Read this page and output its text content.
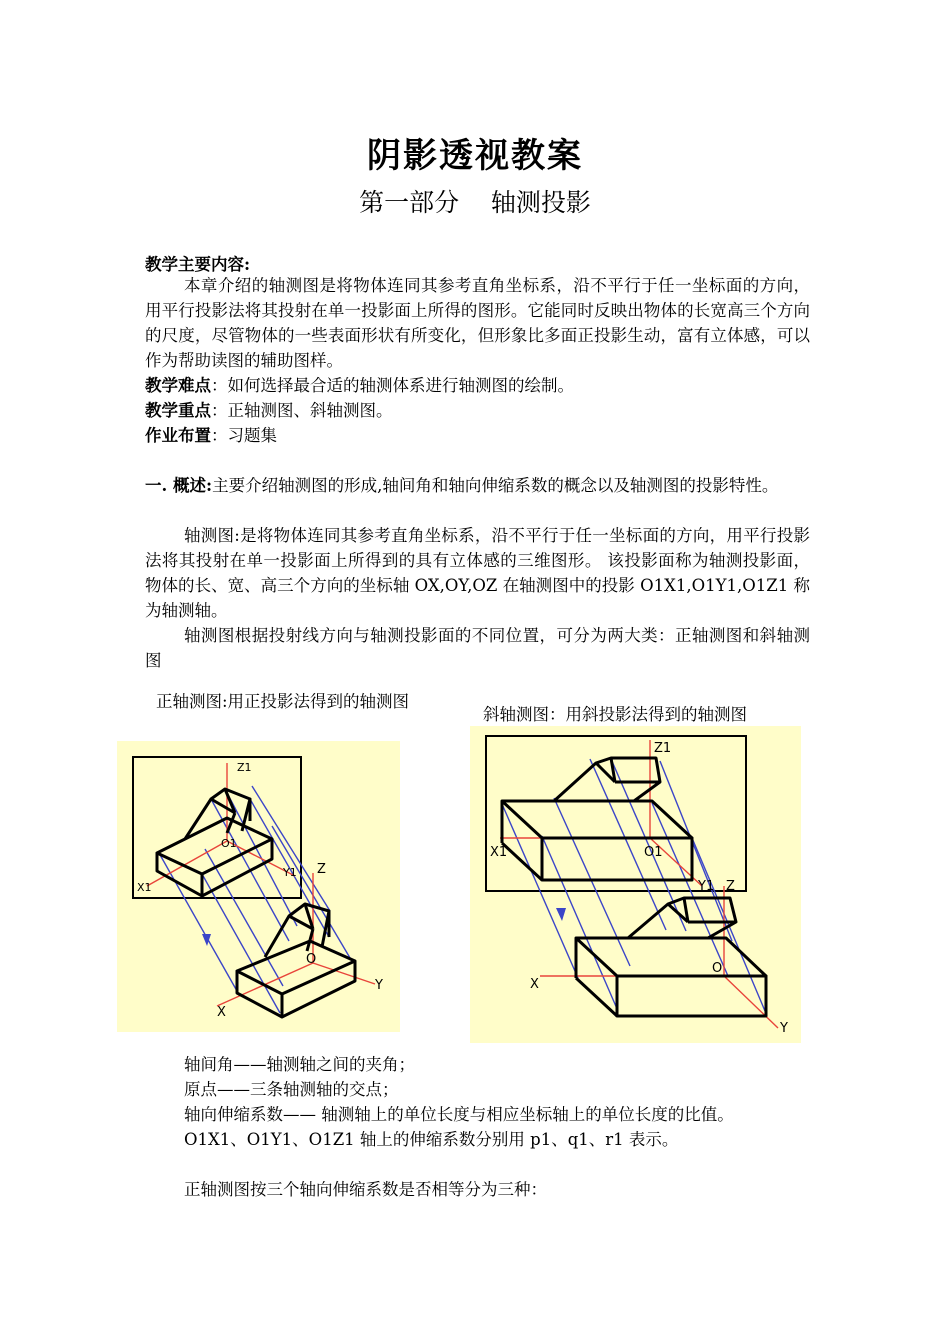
阴影透视教案
第一部分    轴测投影
教学主要内容:
本章介绍的轴测图是将物体连同其参考直角坐标系，沿不平行于任一坐标面的方向，用平行投影法将其投射在单一投影面上所得的图形。它能同时反映出物体的长宽高三个方向的尺度，尽管物体的一些表面形状有所变化，但形象比多面正投影生动，富有立体感，可以作为帮助读图的辅助图样。
教学难点：如何选择最合适的轴测体系进行轴测图的绘制。
教学重点：正轴测图、斜轴测图。
作业布置：习题集
一. 概述:主要介绍轴测图的形成,轴间角和轴向伸缩系数的概念以及轴测图的投影特性。
轴测图:是将物体连同其参考直角坐标系，沿不平行于任一坐标面的方向，用平行投影法将其投射在单一投影面上所得到的具有立体感的三维图形。 该投影面称为轴测投影面，物体的长、宽、高三个方向的坐标轴 OX,OY,OZ 在轴测图中的投影 O1X1,O1Y1,O1Z1 称为轴测轴。
轴测图根据投射线方向与轴测投影面的不同位置，可分为两大类：正轴测图和斜轴测图
正轴测图:用正投影法得到的轴测图
斜轴测图：用斜投影法得到的轴测图
Z1
O1
X1
Y1 Z
O
X
Y
Z1
O1
X1
Y1 Z
O
X
Y
轴间角——轴测轴之间的夹角；
原点——三条轴测轴的交点；
轴向伸缩系数—— 轴测轴上的单位长度与相应坐标轴上的单位长度的比值。
O1X1、O1Y1、O1Z1 轴上的伸缩系数分别用 p1、q1、r1 表示。
正轴测图按三个轴向伸缩系数是否相等分为三种：
